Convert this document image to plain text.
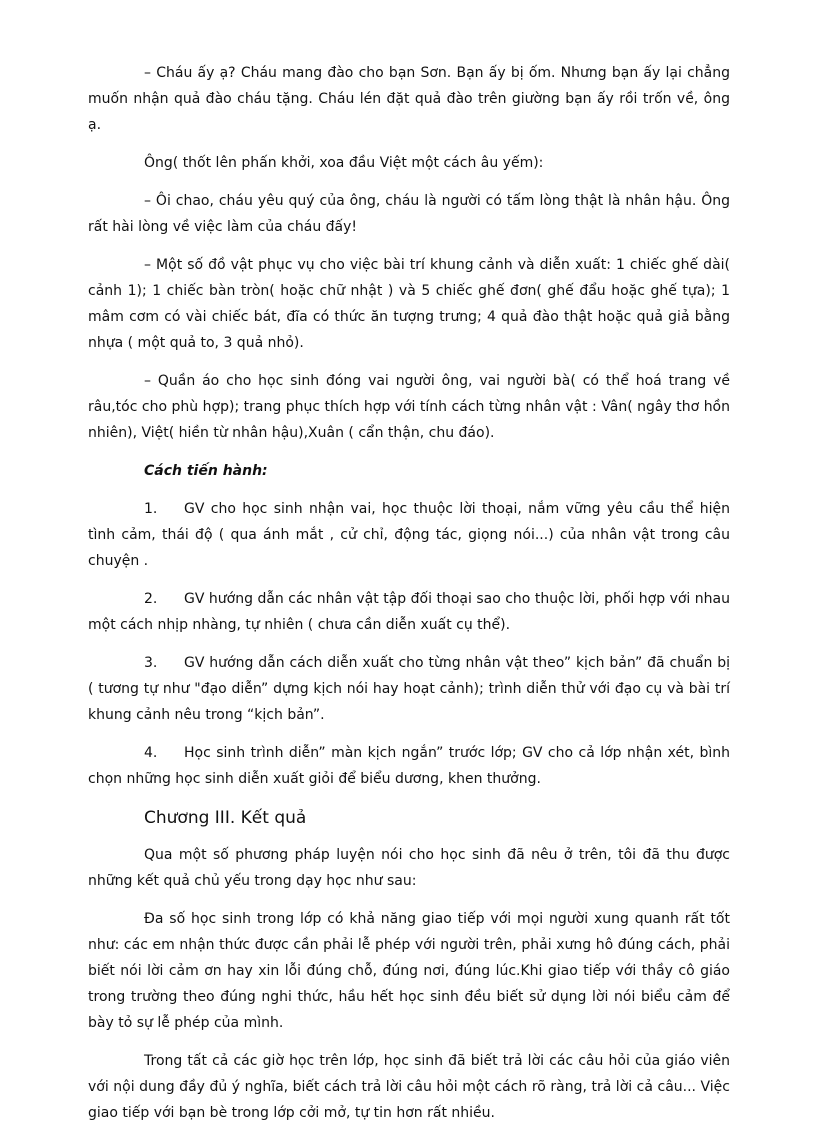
– Cháu ấy ạ? Cháu mang đào cho bạn Sơn. Bạn ấy bị ốm. Nhưng bạn ấy lại chẳng muốn nhận quả đào cháu tặng. Cháu lén đặt quả đào trên giường bạn ấy rồi trốn về, ông ạ.

Ông( thốt lên phấn khởi, xoa đầu Việt một cách âu yếm):

– Ôi chao, cháu yêu quý của ông, cháu là người có tấm lòng thật là nhân hậu. Ông rất hài lòng về việc làm của cháu đấy!

– Một số đồ vật phục vụ cho việc bài trí khung cảnh và diễn xuất: 1 chiếc ghế dài( cảnh 1); 1 chiếc bàn tròn( hoặc chữ nhật ) và 5 chiếc ghế đơn( ghế đẩu hoặc ghế tựa); 1 mâm cơm có vài chiếc bát, đĩa có thức ăn tượng trưng; 4 quả đào thật hoặc quả giả bằng nhựa ( một quả to, 3 quả nhỏ).

– Quần áo cho học sinh đóng vai người ông, vai người bà( có thể hoá trang về râu,tóc cho phù hợp); trang phục thích hợp với tính cách từng nhân vật : Vân( ngây thơ hồn nhiên), Việt( hiền từ nhân hậu),Xuân ( cẩn thận, chu đáo).

Cách tiến hành:
1. GV cho học sinh nhận vai, học thuộc lời thoại, nắm vững yêu cầu thể hiện tình cảm, thái độ ( qua ánh mắt , cử chỉ, động tác, giọng nói...) của nhân vật trong câu chuyện .
2. GV hướng dẫn các nhân vật tập đối thoại sao cho thuộc lời, phối hợp với nhau một cách nhịp nhàng, tự nhiên ( chưa cần diễn xuất cụ thể).
3. GV hướng dẫn cách diễn xuất cho từng nhân vật theo” kịch bản” đã chuẩn bị ( tương tự như "đạo diễn” dựng kịch nói hay hoạt cảnh); trình diễn thử với đạo cụ và bài trí khung cảnh nêu trong “kịch bản”.
4. Học sinh trình diễn” màn kịch ngắn” trước lớp; GV cho cả lớp nhận xét, bình chọn những học sinh diễn xuất giỏi để biểu dương, khen thưởng.
Chương III. Kết quả

Qua một số phương pháp luyện nói cho học sinh đã nêu ở trên, tôi đã thu được những kết quả chủ yếu trong dạy học như sau:

Đa số học sinh trong lớp có khả năng giao tiếp với mọi người xung quanh rất tốt như: các em nhận thức được cần phải lễ phép với người trên, phải xưng hô đúng cách, phải biết nói lời cảm ơn hay xin lỗi đúng chỗ, đúng nơi, đúng lúc.Khi giao tiếp với thầy cô giáo trong trường theo đúng nghi thức, hầu hết học sinh đều biết sử dụng lời nói biểu cảm để bày tỏ sự lễ phép của mình.

Trong tất cả các giờ học trên lớp, học sinh đã biết trả lời các câu hỏi của giáo viên với nội dung đầy đủ ý nghĩa, biết cách trả lời câu hỏi một cách rõ ràng, trả lời cả câu... Việc giao tiếp với bạn bè trong lớp cởi mở, tự tin hơn rất nhiều.
